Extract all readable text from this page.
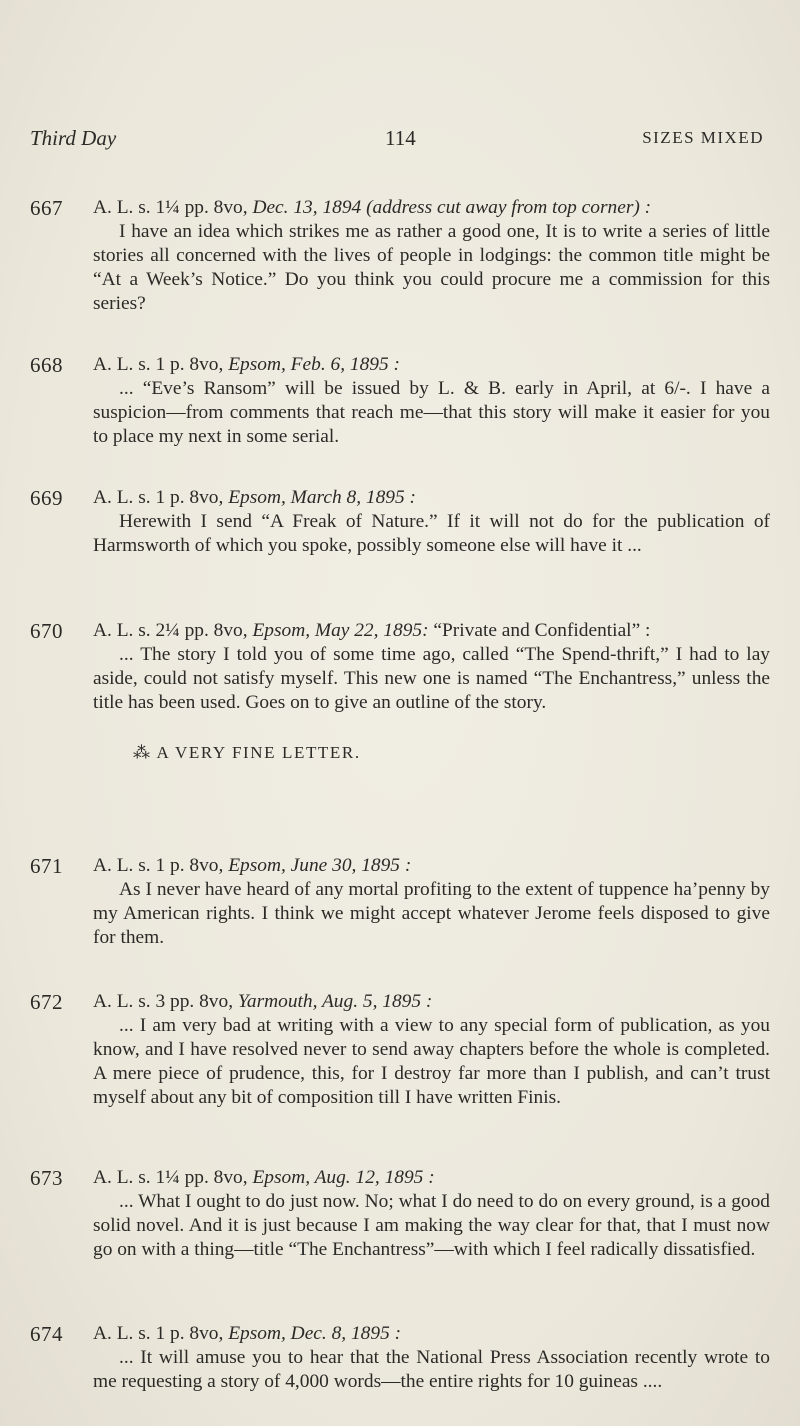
Third Day	114	SIZES MIXED
667 A. L. s. 1¼ pp. 8vo, Dec. 13, 1894 (address cut away from top corner) :
I have an idea which strikes me as rather a good one, It is to write a series of little stories all concerned with the lives of people in lodgings: the common title might be “At a Week’s Notice.” Do you think you could procure me a commission for this series?
668 A. L. s. 1 p. 8vo, Epsom, Feb. 6, 1895 :
... “Eve’s Ransom” will be issued by L. & B. early in April, at 6/-. I have a suspicion—from comments that reach me—that this story will make it easier for you to place my next in some serial.
669 A. L. s. 1 p. 8vo, Epsom, March 8, 1895 :
Herewith I send “A Freak of Nature.” If it will not do for the publication of Harmsworth of which you spoke, possibly someone else will have it ...
670 A. L. s. 2¼ pp. 8vo, Epsom, May 22, 1895: “Private and Confidential” :
... The story I told you of some time ago, called “The Spend-thrift,” I had to lay aside, could not satisfy myself. This new one is named “The Enchantress,” unless the title has been used. Goes on to give an outline of the story.
⁂ A VERY FINE LETTER.
671 A. L. s. 1 p. 8vo, Epsom, June 30, 1895 :
As I never have heard of any mortal profiting to the extent of tuppence ha’penny by my American rights. I think we might accept whatever Jerome feels disposed to give for them.
672 A. L. s. 3 pp. 8vo, Yarmouth, Aug. 5, 1895 :
... I am very bad at writing with a view to any special form of publication, as you know, and I have resolved never to send away chapters before the whole is completed. A mere piece of prudence, this, for I destroy far more than I publish, and can’t trust myself about any bit of composition till I have written Finis.
673 A. L. s. 1¼ pp. 8vo, Epsom, Aug. 12, 1895 :
... What I ought to do just now. No; what I do need to do on every ground, is a good solid novel. And it is just because I am making the way clear for that, that I must now go on with a thing—title “The Enchantress”—with which I feel radically dissatisfied.
674 A. L. s. 1 p. 8vo, Epsom, Dec. 8, 1895 :
... It will amuse you to hear that the National Press Association recently wrote to me requesting a story of 4,000 words—the entire rights for 10 guineas ....
